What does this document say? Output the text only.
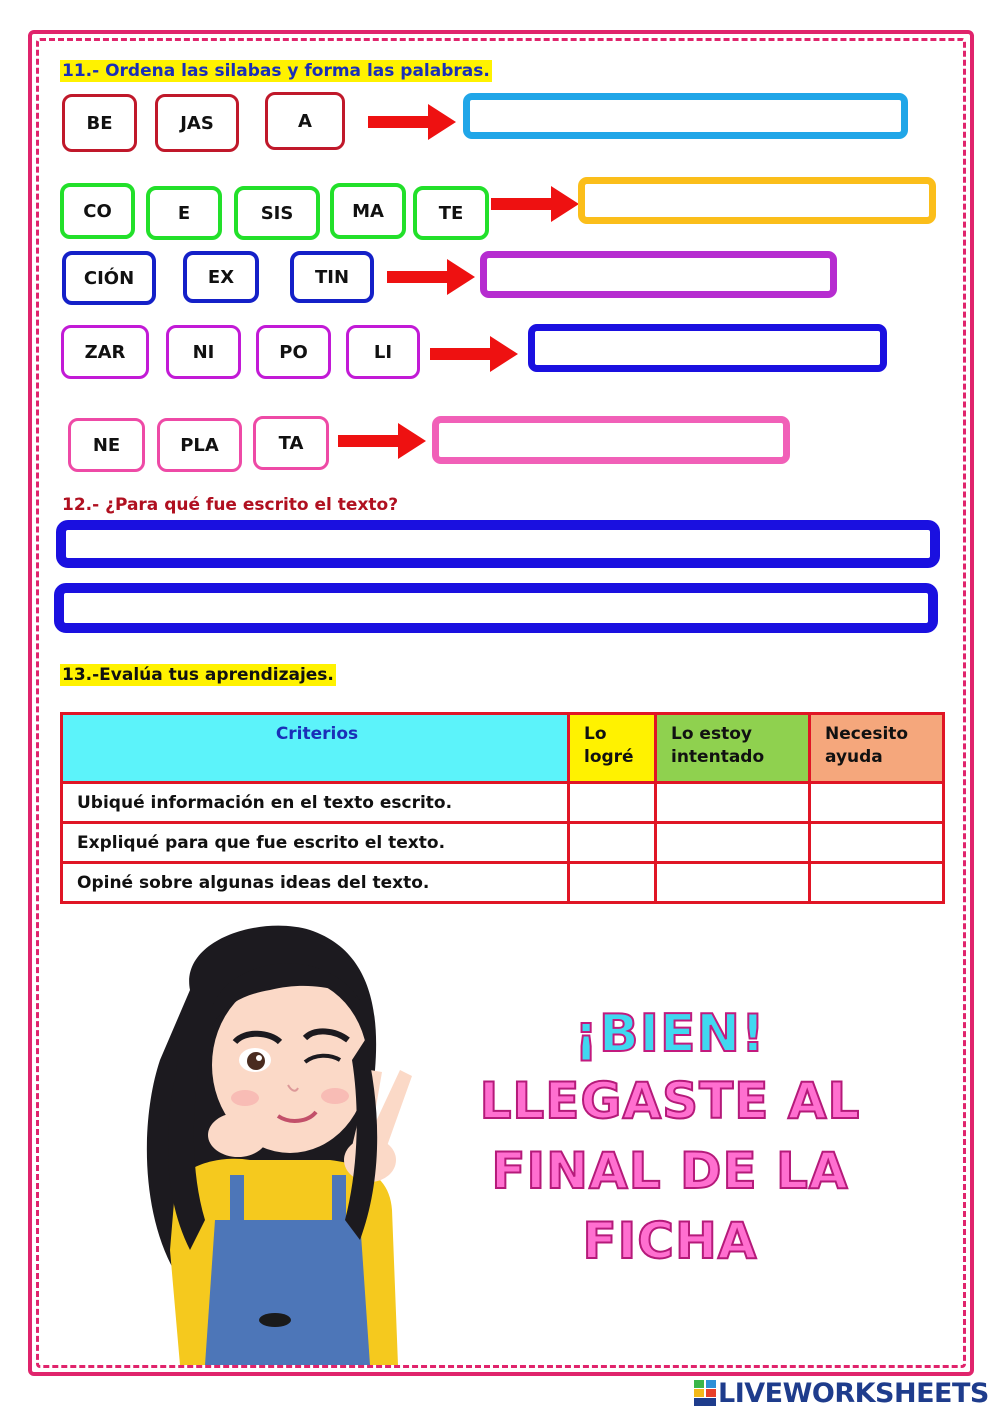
11.- Ordena las silabas y forma las palabras.
BE	JAS	A
CO	E	SIS	MA	TE
CIÓN	EX	TIN
ZAR	NI	PO	LI
NE	PLA	TA
12.- ¿Para qué fue escrito el texto?
13.-Evalúa tus aprendizajes.
Criterios	Lo logré	Lo estoy intentado	Necesito ayuda
Ubiqué información en el texto escrito.			
Expliqué para que fue escrito el texto.			
Opiné sobre algunas ideas del texto.			
¡BIEN!
LLEGASTE AL
FINAL DE LA
FICHA
LIVEWORKSHEETS
